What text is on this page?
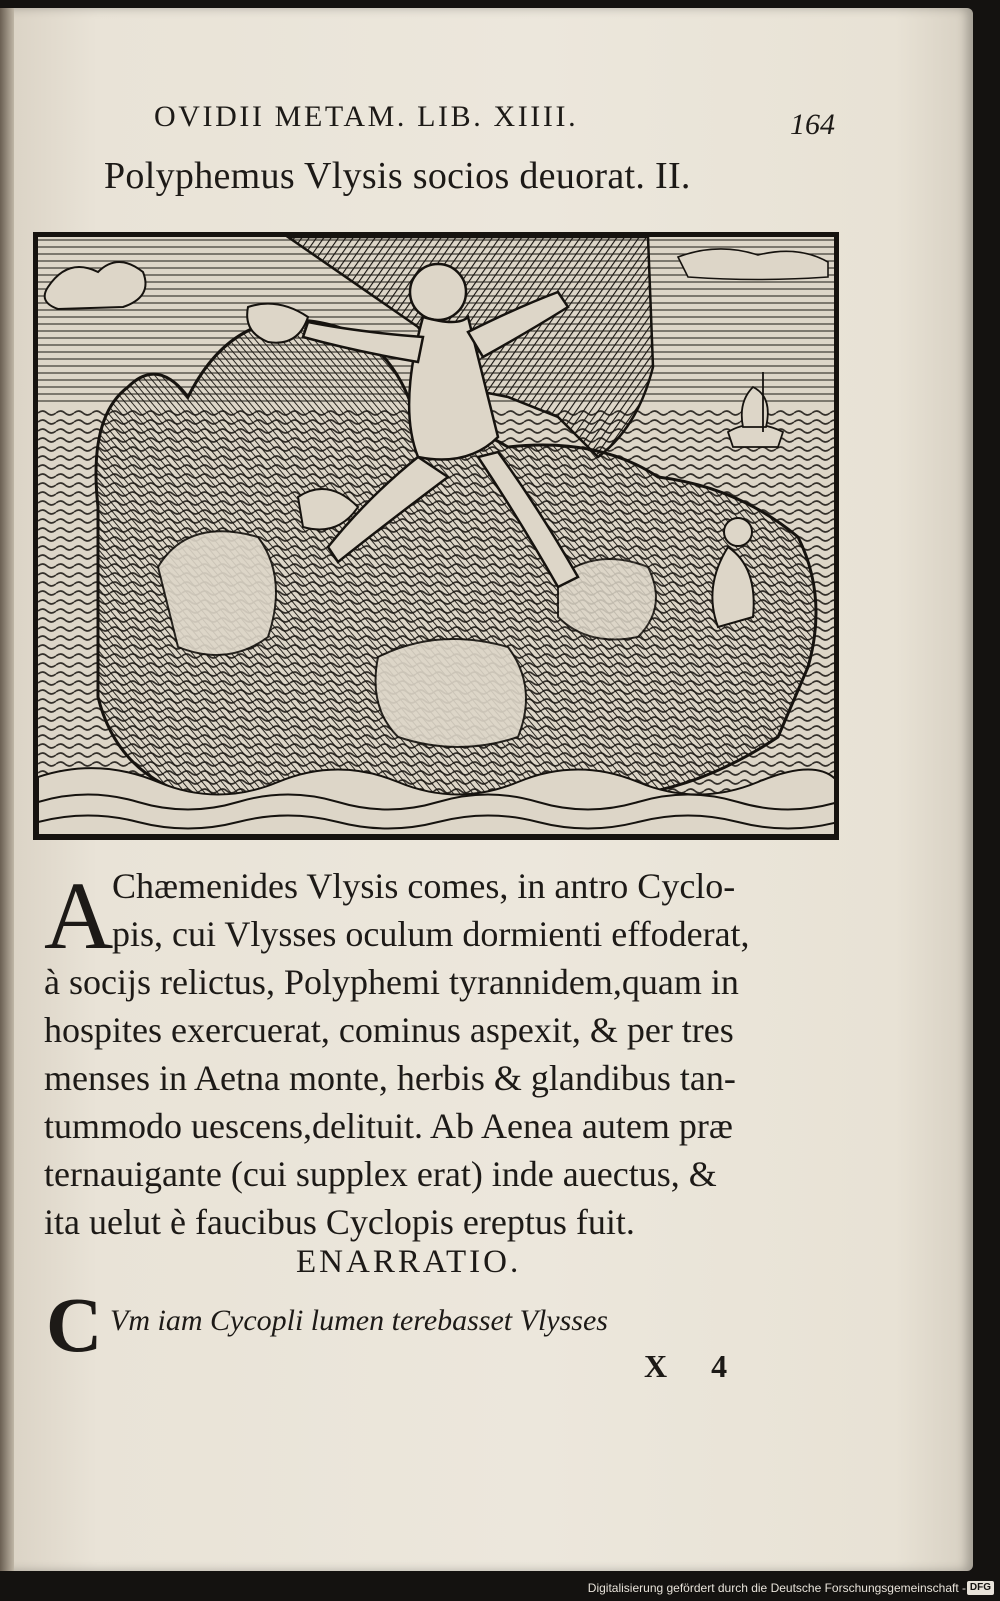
OVIDII METAM. LIB. XIIII.	164
Polyphemus Vlysis socios deuorat. II.
A
Chæmenides Vlysis comes, in antro Cyclo-
pis, cui Vlysses oculum dormienti effoderat,
à socijs relictus, Polyphemi tyrannidem,quam in
hospites exercuerat, cominus aspexit, & per tres
menses in Aetna monte, herbis & glandibus tan-
tummodo uescens,delituit. Ab Aenea autem præ
ternauigante (cui supplex erat) inde auectus, &
ita uelut è faucibus Cyclopis ereptus fuit.
ENARRATIO.
C Vm iam Cycopli lumen terebasset Vlysses
X 4
Digitalisierung gefördert durch die Deutsche Forschungsgemeinschaft - DFG
